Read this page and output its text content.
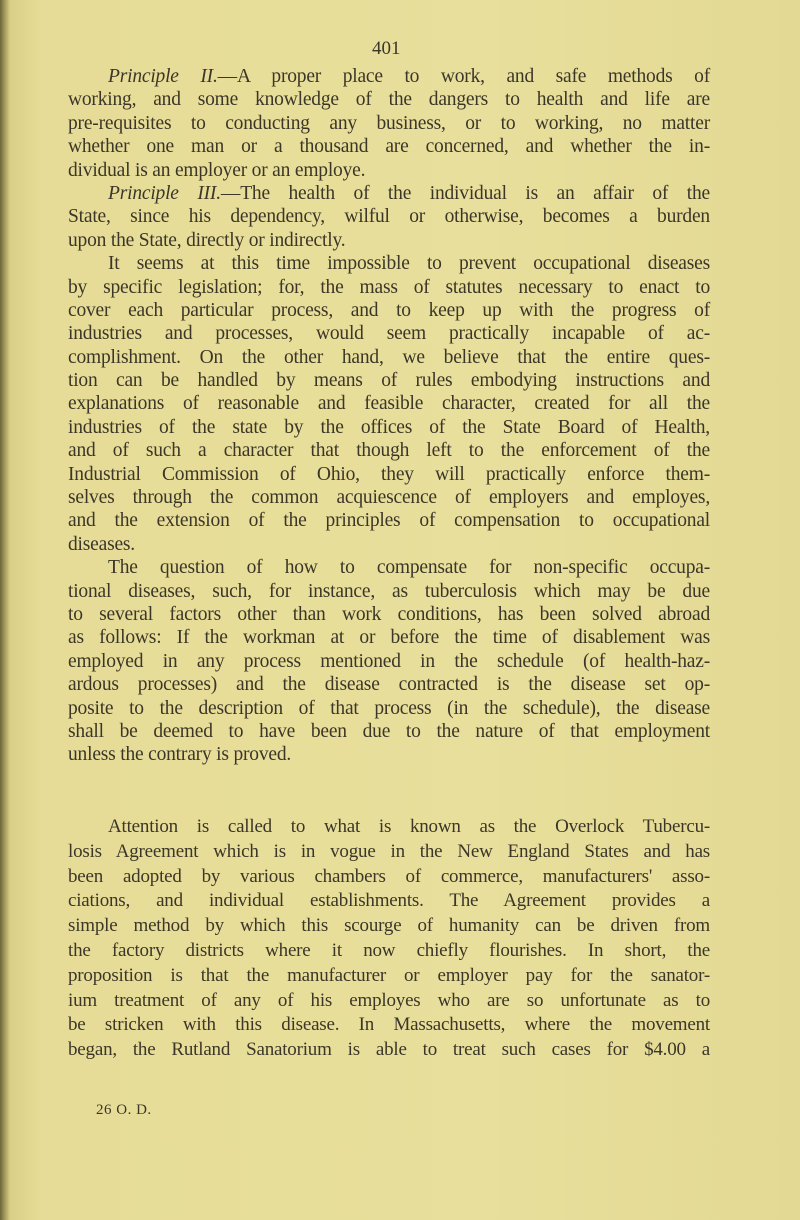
401
Principle II.—A proper place to work, and safe methods of
working, and some knowledge of the dangers to health and life are
pre-requisites to conducting any business, or to working, no matter
whether one man or a thousand are concerned, and whether the in-
dividual is an employer or an employe.
Principle III.—The health of the individual is an affair of the
State, since his dependency, wilful or otherwise, becomes a burden
upon the State, directly or indirectly.
It seems at this time impossible to prevent occupational diseases
by specific legislation; for, the mass of statutes necessary to enact to
cover each particular process, and to keep up with the progress of
industries and processes, would seem practically incapable of ac-
complishment. On the other hand, we believe that the entire ques-
tion can be handled by means of rules embodying instructions and
explanations of reasonable and feasible character, created for all the
industries of the state by the offices of the State Board of Health,
and of such a character that though left to the enforcement of the
Industrial Commission of Ohio, they will practically enforce them-
selves through the common acquiescence of employers and employes,
and the extension of the principles of compensation to occupational
diseases.
The question of how to compensate for non-specific occupa-
tional diseases, such, for instance, as tuberculosis which may be due
to several factors other than work conditions, has been solved abroad
as follows: If the workman at or before the time of disablement was
employed in any process mentioned in the schedule (of health-haz-
ardous processes) and the disease contracted is the disease set op-
posite to the description of that process (in the schedule), the disease
shall be deemed to have been due to the nature of that employment
unless the contrary is proved.
Attention is called to what is known as the Overlock Tubercu-
losis Agreement which is in vogue in the New England States and has
been adopted by various chambers of commerce, manufacturers' asso-
ciations, and individual establishments. The Agreement provides a
simple method by which this scourge of humanity can be driven from
the factory districts where it now chiefly flourishes. In short, the
proposition is that the manufacturer or employer pay for the sanator-
ium treatment of any of his employes who are so unfortunate as to
be stricken with this disease. In Massachusetts, where the movement
began, the Rutland Sanatorium is able to treat such cases for $4.00 a
26 O. D.
